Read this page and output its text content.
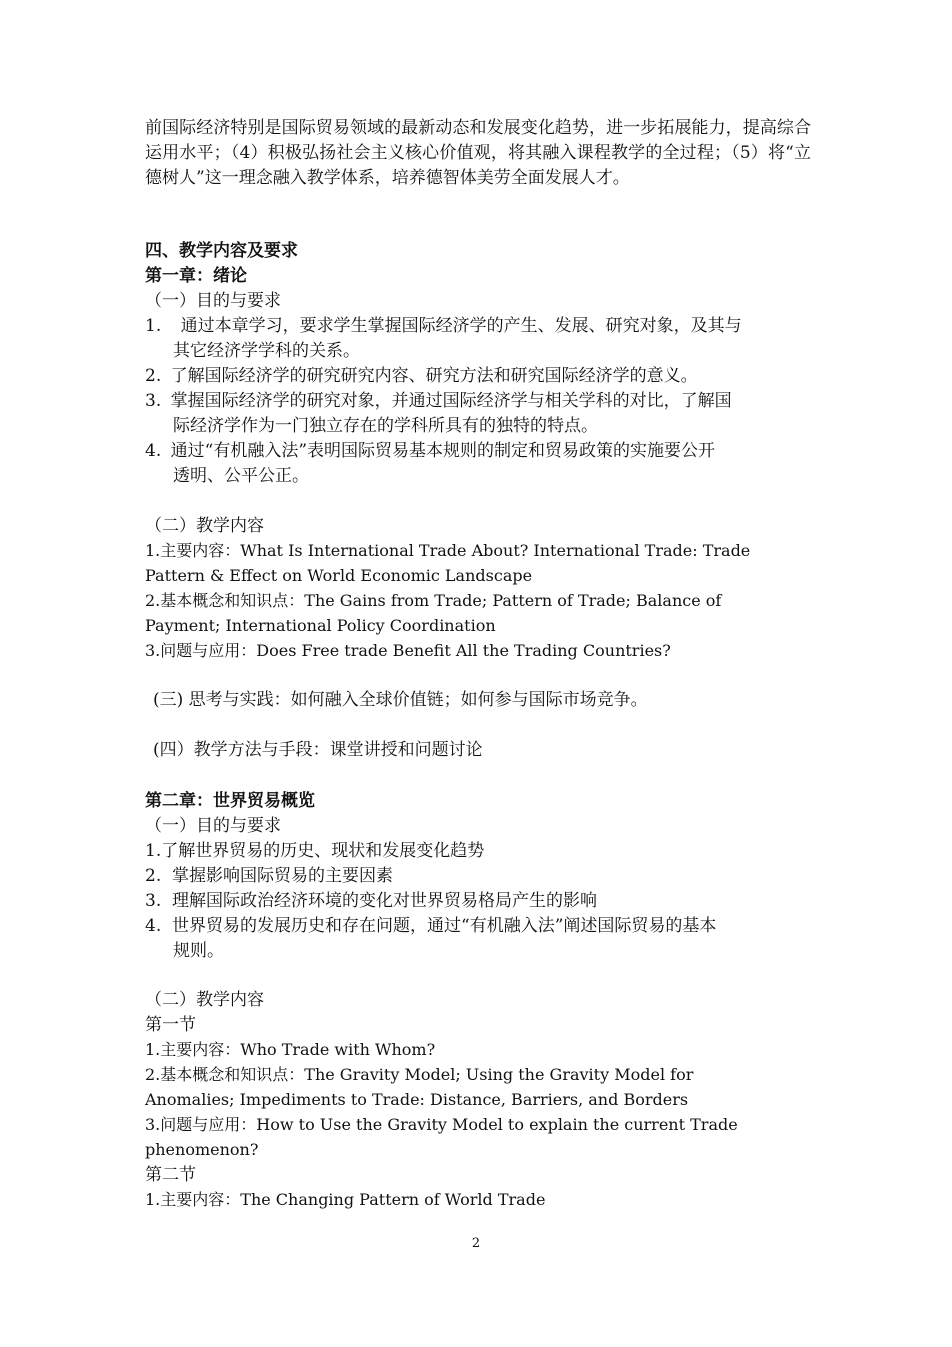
前国际经济特别是国际贸易领域的最新动态和发展变化趋势，进一步拓展能力，提高综合运用水平；（4）积极弘扬社会主义核心价值观，将其融入课程教学的全过程；（5）将“立德树人”这一理念融入教学体系，培养德智体美劳全面发展人才。

四、教学内容及要求
第一章：绪论
（一）目的与要求
1. 通过本章学习，要求学生掌握国际经济学的产生、发展、研究对象，及其与
其它经济学学科的关系。
2. 了解国际经济学的研究研究内容、研究方法和研究国际经济学的意义。
3. 掌握国际经济学的研究对象，并通过国际经济学与相关学科的对比，了解国
际经济学作为一门独立存在的学科所具有的独特的特点。
4. 通过“有机融入法”表明国际贸易基本规则的制定和贸易政策的实施要公开
透明、公平公正。
（二）教学内容
1.主要内容：What Is International Trade About? International Trade: Trade
Pattern & Effect on World Economic Landscape
2.基本概念和知识点：The Gains from Trade; Pattern of Trade; Balance of
Payment; International Policy Coordination
3.问题与应用：Does Free trade Benefit All the Trading Countries?
(三) 思考与实践：如何融入全球价值链；如何参与国际市场竞争。
(四）教学方法与手段：课堂讲授和问题讨论
第二章：世界贸易概览
（一）目的与要求
1.了解世界贸易的历史、现状和发展变化趋势
2.  掌握影响国际贸易的主要因素
3.  理解国际政治经济环境的变化对世界贸易格局产生的影响
4.  世界贸易的发展历史和存在问题，通过“有机融入法”阐述国际贸易的基本
规则。
（二）教学内容
第一节
1.主要内容：Who Trade with Whom?
2.基本概念和知识点：The Gravity Model; Using the Gravity Model for
Anomalies; Impediments to Trade: Distance, Barriers, and Borders
3.问题与应用：How to Use the Gravity Model to explain the current Trade
phenomenon?
第二节
1.主要内容：The Changing Pattern of World Trade
2
